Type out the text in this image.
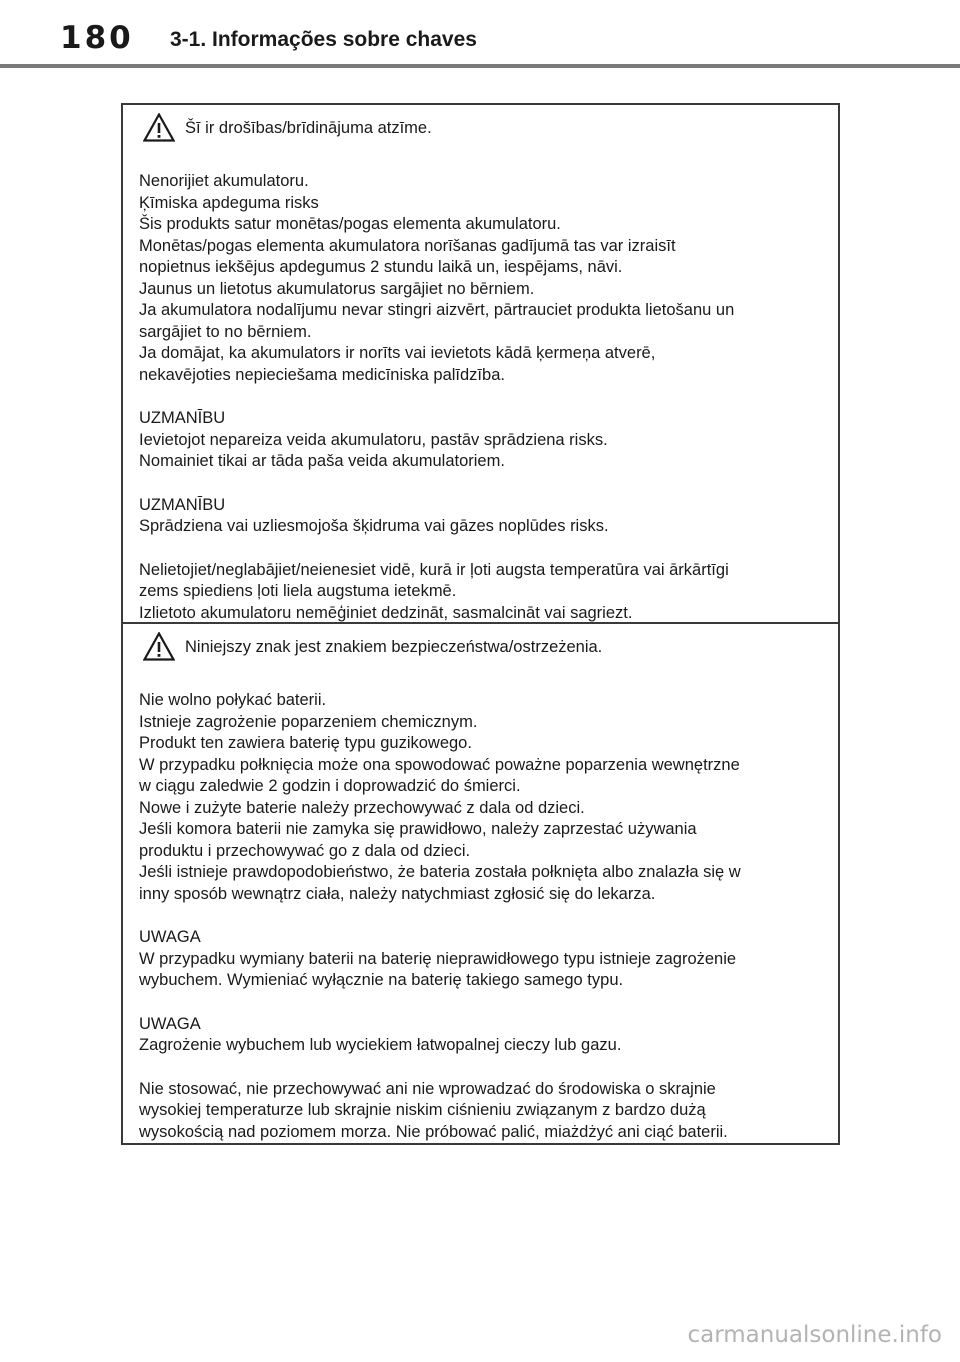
180 3-1. Informações sobre chaves
Šī ir drošības/brīdinājuma atzīme.

Nenorijiet akumulatoru.
Ķīmiska apdeguma risks
Šis produkts satur monētas/pogas elementa akumulatoru.
Monētas/pogas elementa akumulatora norīšanas gadījumā tas var izraisīt
nopietnus iekšējus apdegumus 2 stundu laikā un, iespējams, nāvi.
Jaunus un lietotus akumulatorus sargājiet no bērniem.
Ja akumulatora nodalījumu nevar stingri aizvērt, pārtrauciet produkta lietošanu un
sargājiet to no bērniem.
Ja domājat, ka akumulators ir norīts vai ievietots kādā ķermeņa atverē,
nekavējoties nepieciešama medicīniska palīdzība.

UZMANĪBU
Ievietojot nepareiza veida akumulatoru, pastāv sprādziena risks.
Nomainiet tikai ar tāda paša veida akumulatoriem.

UZMANĪBU
Sprādziena vai uzliesmojoša šķidruma vai gāzes noplūdes risks.

Nelietojiet/neglabājiet/neienesiet vidē, kurā ir ļoti augsta temperatūra vai ārkārtīgi
zems spiediens ļoti liela augstuma ietekmē.
Izlietoto akumulatoru nemēģiniet dedzināt, sasmalcināt vai sagriezt.

Niniejszy znak jest znakiem bezpieczeństwa/ostrzeżenia.

Nie wolno połykać baterii.
Istnieje zagrożenie poparzeniem chemicznym.
Produkt ten zawiera baterię typu guzikowego.
W przypadku połknięcia może ona spowodować poważne poparzenia wewnętrzne
w ciągu zaledwie 2 godzin i doprowadzić do śmierci.
Nowe i zużyte baterie należy przechowywać z dala od dzieci.
Jeśli komora baterii nie zamyka się prawidłowo, należy zaprzestać używania
produktu i przechowywać go z dala od dzieci.
Jeśli istnieje prawdopodobieństwo, że bateria została połknięta albo znalazła się w
inny sposób wewnątrz ciała, należy natychmiast zgłosić się do lekarza.

UWAGA
W przypadku wymiany baterii na baterię nieprawidłowego typu istnieje zagrożenie
wybuchem. Wymieniać wyłącznie na baterię takiego samego typu.

UWAGA
Zagrożenie wybuchem lub wyciekiem łatwopalnej cieczy lub gazu.

Nie stosować, nie przechowywać ani nie wprowadzać do środowiska o skrajnie
wysokiej temperaturze lub skrajnie niskim ciśnieniu związanym z bardzo dużą
wysokością nad poziomem morza. Nie próbować palić, miażdżyć ani ciąć baterii.

carmanualsonline.info
